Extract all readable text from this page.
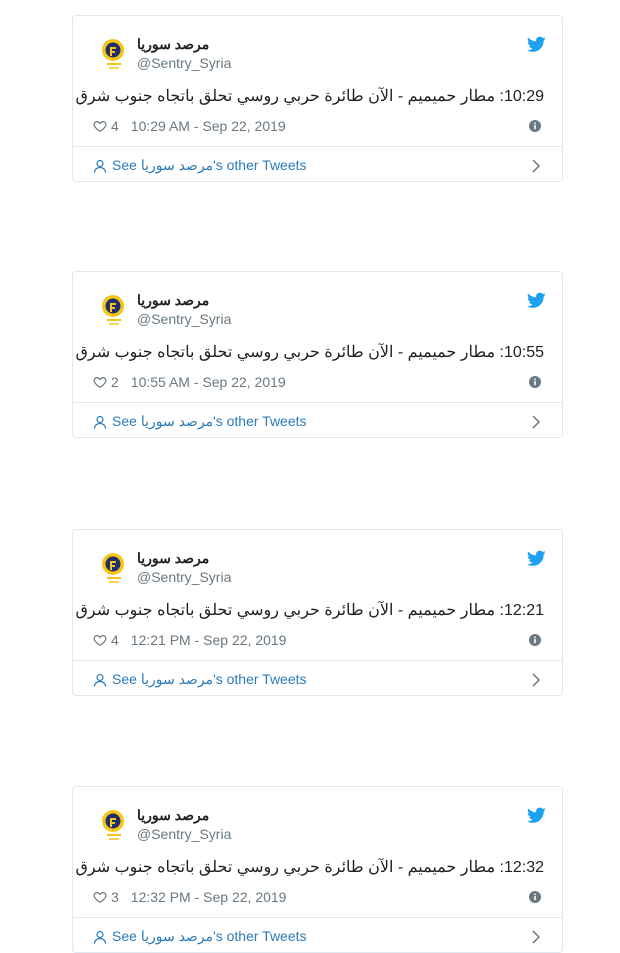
مرصد سوريا
@Sentry_Syria
10:29: مطار حميميم - الآن طائرة حربي روسي تحلق باتجاه جنوب شرق
4 10:29 AM - Sep 22, 2019
See مرصد سوريا's other Tweets
مرصد سوريا
@Sentry_Syria
10:55: مطار حميميم - الآن طائرة حربي روسي تحلق باتجاه جنوب شرق
2 10:55 AM - Sep 22, 2019
See مرصد سوريا's other Tweets
مرصد سوريا
@Sentry_Syria
12:21: مطار حميميم - الآن طائرة حربي روسي تحلق باتجاه جنوب شرق
4 12:21 PM - Sep 22, 2019
See مرصد سوريا's other Tweets
مرصد سوريا
@Sentry_Syria
12:32: مطار حميميم - الآن طائرة حربي روسي تحلق باتجاه جنوب شرق
3 12:32 PM - Sep 22, 2019
See مرصد سوريا's other Tweets
